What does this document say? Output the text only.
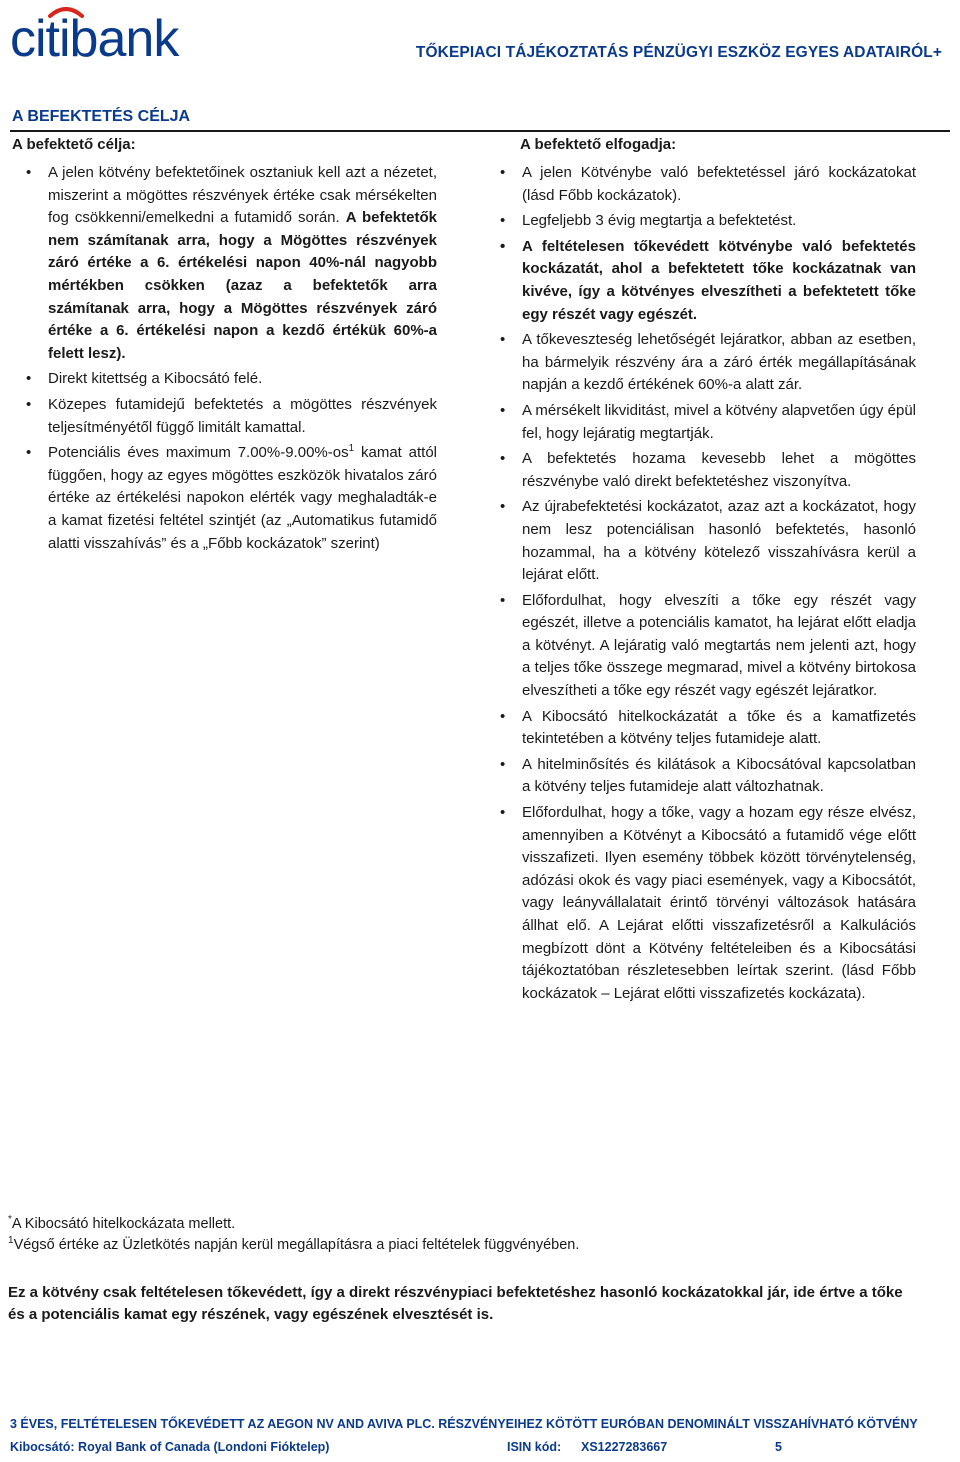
citibank	TŐKEPIACI TÁJÉKOZTATÁS PÉNZÜGYI ESZKÖZ EGYES ADATAIRÓL+
A BEFEKTETÉS CÉLJA

A befektető célja:

• A jelen kötvény befektetőinek osztaniuk kell azt a nézetet, miszerint a mögöttes részvények értéke csak mérsékelten fog csökkenni/emelkedni a futamidő során. A befektetők nem számítanak arra, hogy a Mögöttes részvények záró értéke a 6. értékelési napon 40%-nál nagyobb mértékben csökken (azaz a befektetők arra számítanak arra, hogy a Mögöttes részvények záró értéke a 6. értékelési napon a kezdő értékük 60%-a felett lesz).
• Direkt kitettség a Kibocsátó felé.
• Közepes futamidejű befektetés a mögöttes részvények teljesítményétől függő limitált kamattal.
• Potenciális éves maximum $7.00\%-9.00\%-os^1$ kamat attól függően, hogy az egyes mögöttes eszközök hivatalos záró értéke az értékelési napokon elérték vagy meghaladták-e a kamat fizetési feltétel szintjét (az „Automatikus futamidő alatti visszahívás” és a „Főbb kockázatok” szerint)

A befektető elfogadja:

• A jelen Kötvénybe való befektetéssel járó kockázatokat (lásd Főbb kockázatok).
• Legfeljebb 3 évig megtartja a befektetést.
• A feltételesen tőkevédett kötvénybe való befektetés kockázatát, ahol a befektetett tőke kockázatnak van kivéve, így a kötvényes elveszítheti a befektetett tőke egy részét vagy egészét.
• A tőkeveszteség lehetőségét lejáratkor, abban az esetben, ha bármelyik részvény ára a záró érték megállapításának napján a kezdő értékének 60%-a alatt zár.
• A mérsékelt likviditást, mivel a kötvény alapvetően úgy épül fel, hogy lejáratig megtartják.
• A befektetés hozama kevesebb lehet a mögöttes részvénybe való direkt befektetéshez viszonyítva.
• Az újrabefektetési kockázatot, azaz azt a kockázatot, hogy nem lesz potenciálisan hasonló befektetés, hasonló hozammal, ha a kötvény kötelező visszahívásra kerül a lejárat előtt.
• Előfordulhat, hogy elveszíti a tőke egy részét vagy egészét, illetve a potenciális kamatot, ha lejárat előtt eladja a kötvényt. A lejáratig való megtartás nem jelenti azt, hogy a teljes tőke összege megmarad, mivel a kötvény birtokosa elveszítheti a tőke egy részét vagy egészét lejáratkor.
• A Kibocsátó hitelkockázatát a tőke és a kamatfizetés tekintetében a kötvény teljes futamideje alatt.
• A hitelminősítés és kilátások a Kibocsátóval kapcsolatban a kötvény teljes futamideje alatt változhatnak.
• Előfordulhat, hogy a tőke, vagy a hozam egy része elvész, amennyiben a Kötvényt a Kibocsátó a futamidő vége előtt visszafizeti. Ilyen esemény többek között törvénytelenség, adózási okok és vagy piaci események, vagy a Kibocsátót, vagy leányvállalatait érintő törvényi változások hatására állhat elő. A Lejárat előtti visszafizetésről a Kalkulációs megbízott dönt a Kötvény feltételeiben és a Kibocsátási tájékoztatóban részletesebben leírtak szerint. (lásd Főbb kockázatok – Lejárat előtti visszafizetés kockázata).

*A Kibocsátó hitelkockázata mellett.

$^1$Végső értéke az Üzletkötés napján kerül megállapításra a piaci feltételek függvényében.

Ez a kötvény csak feltételesen tőkevédett, így a direkt részvénypiaci befektetéshez hasonló kockázatokkal jár, ide értve a tőke és a potenciális kamat egy részének, vagy egészének elvesztését is.
3 ÉVES, FELTÉTELESEN TŐKEVÉDETT AZ AEGON NV AND AVIVA PLC. RÉSZVÉNYEIHEZ KÖTÖTT EURÓBAN DENOMINÁLT VISSZAHÍVHATÓ KÖTVÉNY
Kibocsátó: Royal Bank of Canada (Londoni Fióktelep)	ISIN kód: XS1227283667	5
